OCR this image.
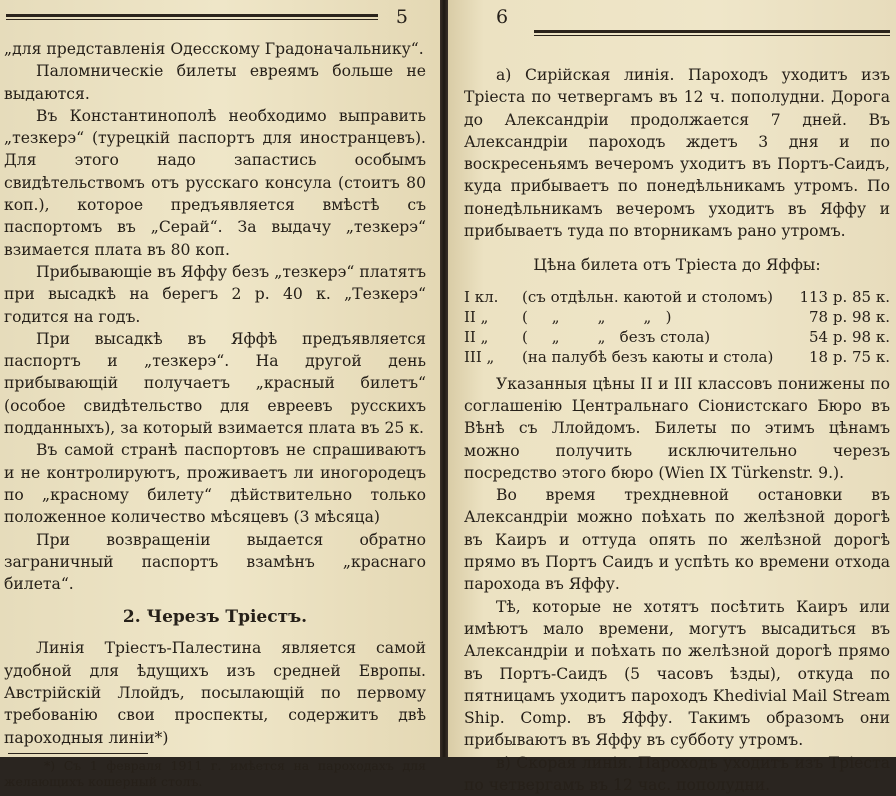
5

„для представленія Одесскому Градоначальнику“.

Паломническіе билеты евреямъ больше не выдаются.

Въ Константинополѣ необходимо выправить „тезкерэ“ (турецкій паспортъ для иностранцевъ). Для этого надо запастись особымъ свидѣтельствомъ отъ русскаго консула (стоитъ 80 коп.), которое предъявляется вмѣстѣ съ паспортомъ въ „Серай“. За выдачу „тезкерэ“ взимается плата въ 80 коп.

Прибывающіе въ Яффу безъ „тезкерэ“ платятъ при высадкѣ на берегъ 2 р. 40 к. „Тезкерэ“ годится на годъ.

При высадкѣ въ Яффѣ предъявляется паспортъ и „тезкерэ“. На другой день прибывающій получаетъ „красный билетъ“ (особое свидѣтельство для евреевъ русскихъ подданныхъ), за который взимается плата въ 25 к.

Въ самой странѣ паспортовъ не спрашиваютъ и не контролируютъ, проживаетъ ли иногородецъ по „красному билету“ дѣйствительно только положенное количество мѣсяцевъ (3 мѣсяца)

При возвращеніи выдается обратно заграничный паспортъ взамѣнъ „краснаго билета“.

2. Черезъ Тріестъ.

Линія Тріестъ-Палестина является самой удобной для ѣдущихъ изъ средней Европы. Австрійскій Ллойдъ, посылающій по первому требованію свои проспекты, содержитъ двѣ пароходныя линіи*)

*) Съ 1 февраля 1911 г. имѣется на пароходахъ для желающихъ кошерный столъ.

6

а) Сирійская линія. Пароходъ уходитъ изъ Тріеста по четвергамъ въ 12 ч. пополудни. Дорога до Александріи продолжается 7 дней. Въ Александріи пароходъ ждетъ 3 дня и по воскресеньямъ вечеромъ уходитъ въ Портъ-Саидъ, куда прибываетъ по понедѣльникамъ утромъ. По понедѣльникамъ вечеромъ уходитъ въ Яффу и прибываетъ туда по вторникамъ рано утромъ.

Цѣна билета отъ Тріеста до Яффы:

I кл.	(съ отдѣльн. каютой и столомъ)	113 р. 85 к.
II „	(     „        „        „   )	78 р. 98 к.
II „	(     „        „   безъ стола)	54 р. 98 к.
III „	(на палубѣ безъ каюты и стола)	18 р. 75 к.

Указанныя цѣны II и III классовъ понижены по соглашенію Центральнаго Сіонистскаго Бюро въ Вѣнѣ съ Ллойдомъ. Билеты по этимъ цѣнамъ можно получить исключительно черезъ посредство этого бюро (Wien IX Türkenstr. 9.).

Во время трехдневной остановки въ Александріи можно поѣхать по желѣзной дорогѣ въ Каиръ и оттуда опять по желѣзной дорогѣ прямо въ Портъ Саидъ и успѣть ко времени отхода парохода въ Яффу.

Тѣ, которые не хотятъ посѣтить Каиръ или имѣютъ мало времени, могутъ высадиться въ Александріи и поѣхать по желѣзной дорогѣ прямо въ Портъ-Саидъ (5 часовъ ѣзды), откуда по пятницамъ уходитъ пароходъ Khedivial Mail Stream Ship. Comp. въ Яффу. Такимъ образомъ они прибываютъ въ Яффу въ субботу утромъ.

в) Скорая линія. Пароходъ уходитъ изъ Тріеста по четвергамъ въ 12 час. пополудни.
